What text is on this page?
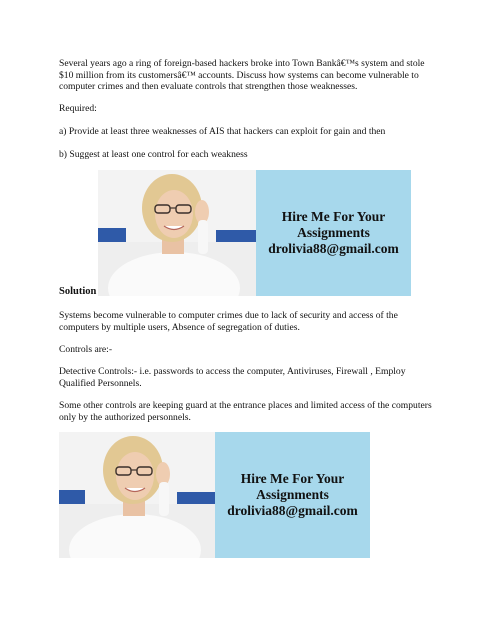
Several years ago a ring of foreign-based hackers broke into Town Bankâ€™s system and stole $10 million from its customersâ€™ accounts. Discuss how systems can become vulnerable to computer crimes and then evaluate controls that strengthen those weaknesses.

Required:

a) Provide at least three weaknesses of AIS that hackers can exploit for gain and then

b) Suggest at least one control for each weakness

Hire Me For Your
Assignments
drolivia88@gmail.com

Solution

Systems become vulnerable to computer crimes due to lack of security and access of the computers by multiple users, Absence of segregation of duties.

Controls are:-

Detective Controls:- i.e. passwords to access the computer, Antiviruses, Firewall , Employ Qualified Personnels.

Some other controls are keeping guard at the entrance places and limited access of the computers only by the authorized personnels.

Hire Me For Your
Assignments
drolivia88@gmail.com
